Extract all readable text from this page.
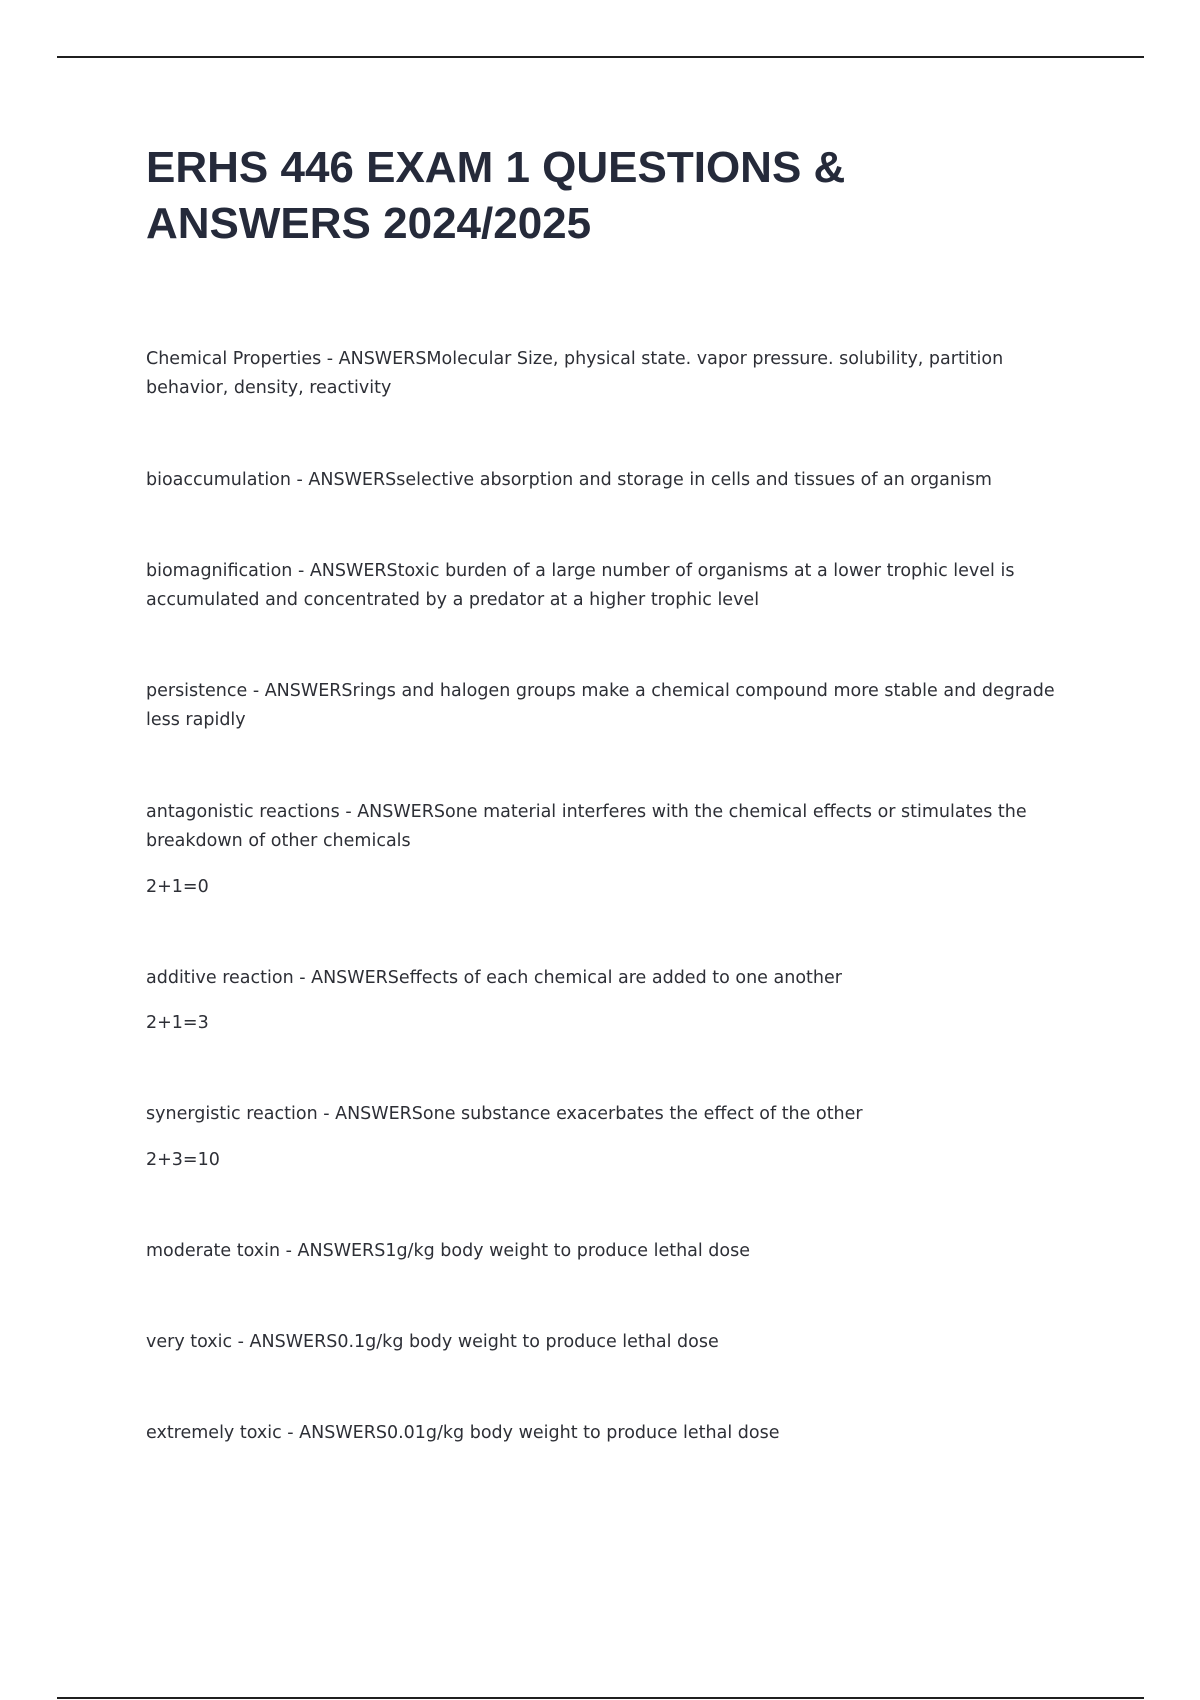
ERHS 446 EXAM 1 QUESTIONS & ANSWERS 2024/2025

Chemical Properties - ANSWERSMolecular Size, physical state. vapor pressure. solubility, partition behavior, density, reactivity

bioaccumulation - ANSWERSselective absorption and storage in cells and tissues of an organism

biomagnification - ANSWERStoxic burden of a large number of organisms at a lower trophic level is accumulated and concentrated by a predator at a higher trophic level

persistence - ANSWERSrings and halogen groups make a chemical compound more stable and degrade less rapidly

antagonistic reactions - ANSWERSone material interferes with the chemical effects or stimulates the breakdown of other chemicals

2+1=0

additive reaction - ANSWERSeffects of each chemical are added to one another

2+1=3

synergistic reaction - ANSWERSone substance exacerbates the effect of the other

2+3=10

moderate toxin - ANSWERS1g/kg body weight to produce lethal dose

very toxic - ANSWERS0.1g/kg body weight to produce lethal dose

extremely toxic - ANSWERS0.01g/kg body weight to produce lethal dose
